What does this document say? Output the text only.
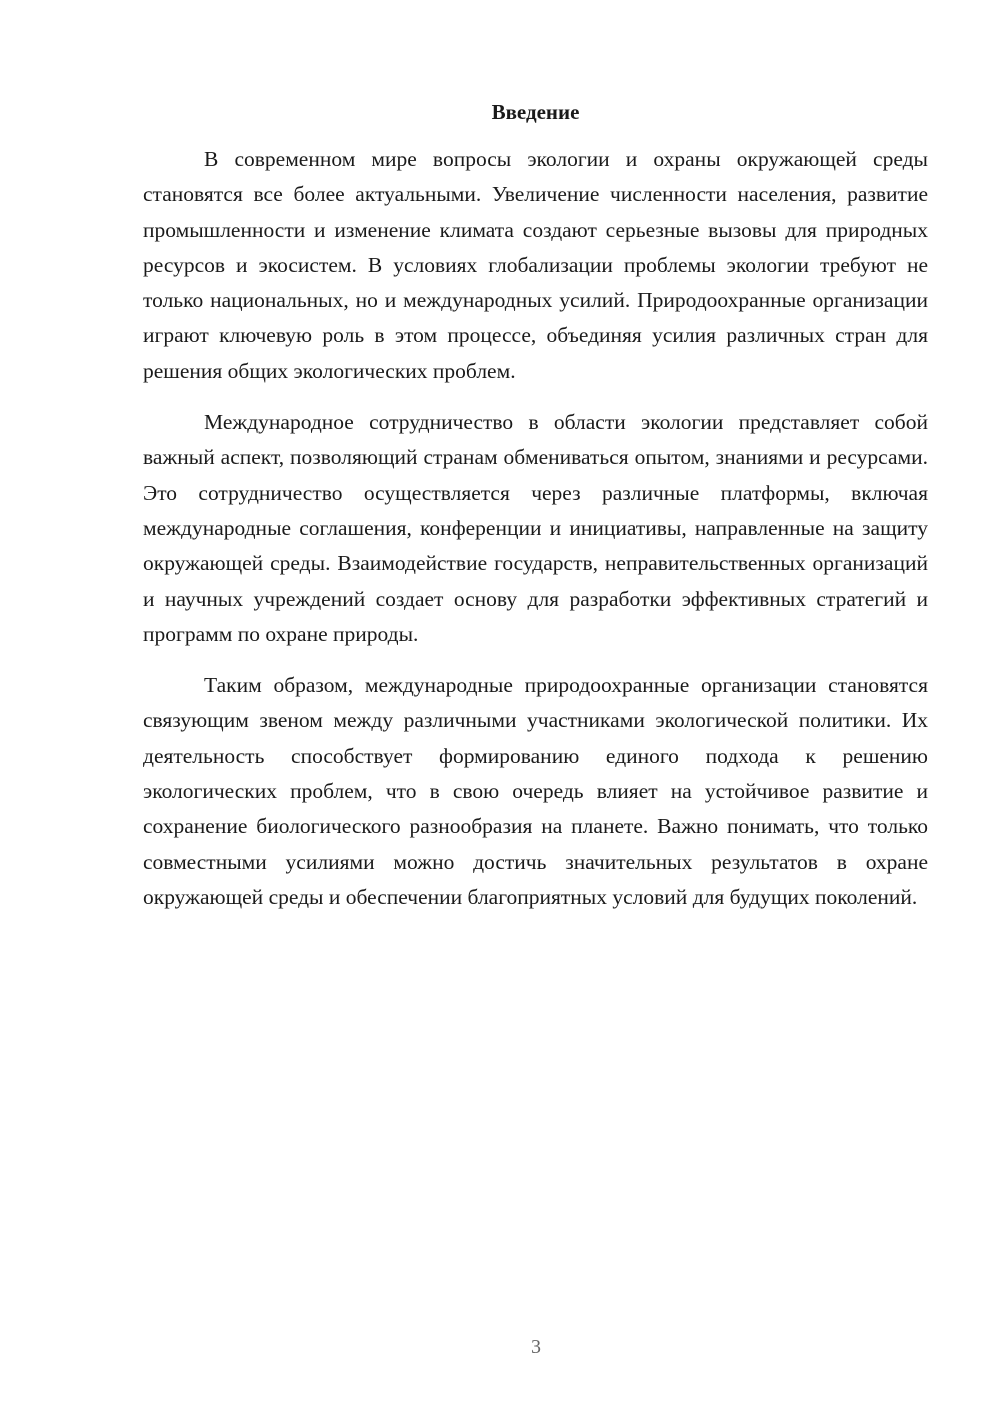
Введение

В современном мире вопросы экологии и охраны окружающей среды становятся все более актуальными. Увеличение численности населения, развитие промышленности и изменение климата создают серьезные вызовы для природных ресурсов и экосистем. В условиях глобализации проблемы экологии требуют не только национальных, но и международных усилий. Природоохранные организации играют ключевую роль в этом процессе, объединяя усилия различных стран для решения общих экологических проблем.

Международное сотрудничество в области экологии представляет собой важный аспект, позволяющий странам обмениваться опытом, знаниями и ресурсами. Это сотрудничество осуществляется через различные платформы, включая международные соглашения, конференции и инициативы, направленные на защиту окружающей среды. Взаимодействие государств, неправительственных организаций и научных учреждений создает основу для разработки эффективных стратегий и программ по охране природы.

Таким образом, международные природоохранные организации становятся связующим звеном между различными участниками экологической политики. Их деятельность способствует формированию единого подхода к решению экологических проблем, что в свою очередь влияет на устойчивое развитие и сохранение биологического разнообразия на планете. Важно понимать, что только совместными усилиями можно достичь значительных результатов в охране окружающей среды и обеспечении благоприятных условий для будущих поколений.

3
